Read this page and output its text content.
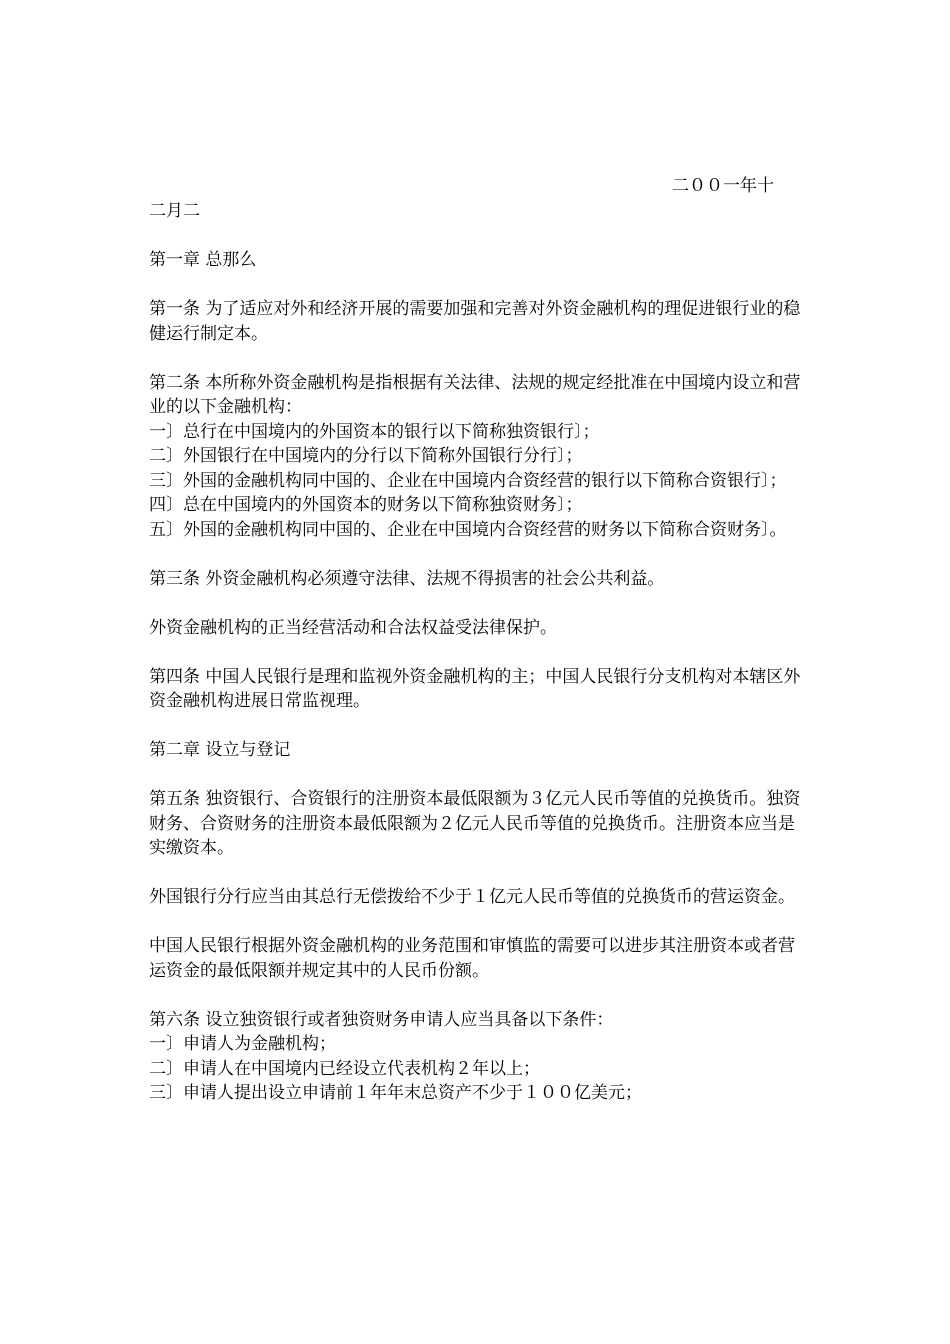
二００一年十

二月二

第一章 总那么

第一条 为了适应对外和经济开展的需要加强和完善对外资金融机构的理促进银行业的稳健运行制定本。

第二条 本所称外资金融机构是指根据有关法律、法规的规定经批准在中国境内设立和营业的以下金融机构：
一〕总行在中国境内的外国资本的银行以下简称独资银行〕；
二〕外国银行在中国境内的分行以下简称外国银行分行〕；
三〕外国的金融机构同中国的、企业在中国境内合资经营的银行以下简称合资银行〕；
四〕总在中国境内的外国资本的财务以下简称独资财务〕；
五〕外国的金融机构同中国的、企业在中国境内合资经营的财务以下简称合资财务〕。

第三条 外资金融机构必须遵守法律、法规不得损害的社会公共利益。

外资金融机构的正当经营活动和合法权益受法律保护。

第四条 中国人民银行是理和监视外资金融机构的主；中国人民银行分支机构对本辖区外资金融机构进展日常监视理。

第二章 设立与登记

第五条 独资银行、合资银行的注册资本最低限额为３亿元人民币等值的兑换货币。独资财务、合资财务的注册资本最低限额为２亿元人民币等值的兑换货币。注册资本应当是实缴资本。

外国银行分行应当由其总行无偿拨给不少于１亿元人民币等值的兑换货币的营运资金。

中国人民银行根据外资金融机构的业务范围和审慎监的需要可以进步其注册资本或者营运资金的最低限额并规定其中的人民币份额。

第六条 设立独资银行或者独资财务申请人应当具备以下条件：
一〕申请人为金融机构；
二〕申请人在中国境内已经设立代表机构２年以上；
三〕申请人提出设立申请前１年年末总资产不少于１００亿美元；
